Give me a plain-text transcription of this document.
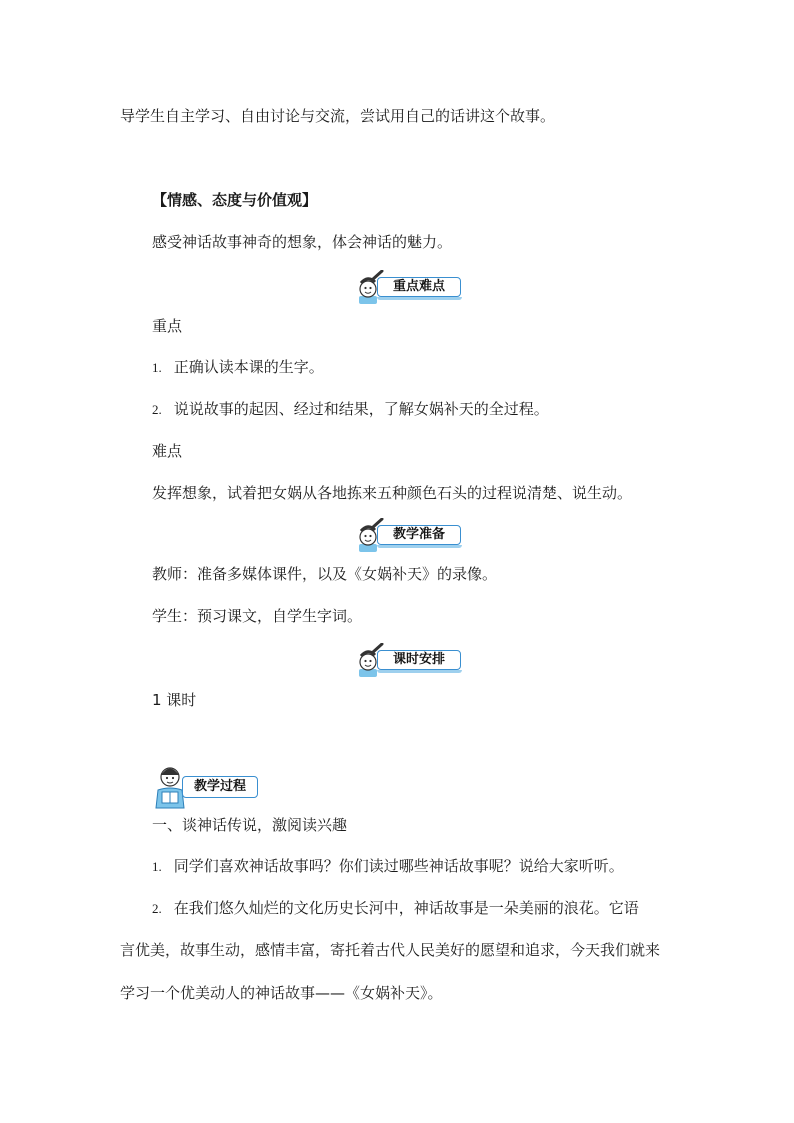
导学生自主学习、自由讨论与交流，尝试用自己的话讲这个故事。
【情感、态度与价值观】
感受神话故事神奇的想象，体会神话的魅力。
重点难点
重点
1. 正确认读本课的生字。
2. 说说故事的起因、经过和结果，了解女娲补天的全过程。
难点
发挥想象，试着把女娲从各地拣来五种颜色石头的过程说清楚、说生动。
教学准备
教师：准备多媒体课件，以及《女娲补天》的录像。
学生：预习课文，自学生字词。
课时安排
1 课时
教学过程
一、谈神话传说，激阅读兴趣
1. 同学们喜欢神话故事吗？你们读过哪些神话故事呢？说给大家听听。
2. 在我们悠久灿烂的文化历史长河中，神话故事是一朵美丽的浪花。它语
言优美，故事生动，感情丰富，寄托着古代人民美好的愿望和追求，今天我们就来
学习一个优美动人的神话故事——《女娲补天》。
